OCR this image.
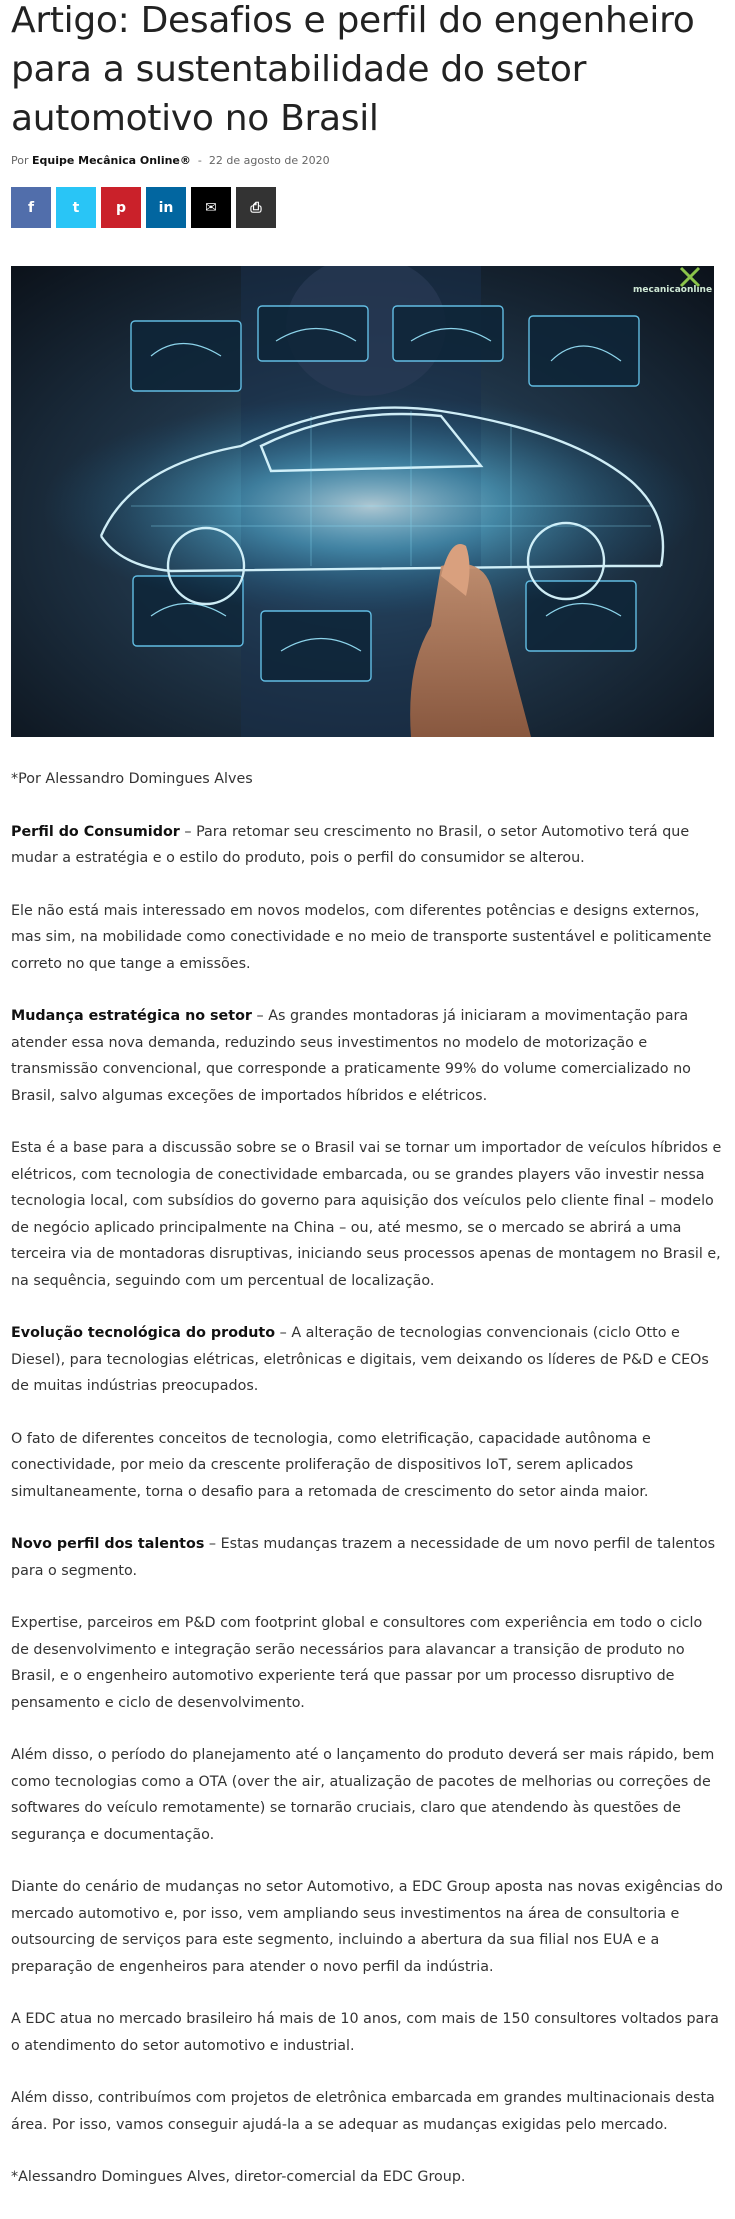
Artigo: Desafios e perfil do engenheiro para a sustentabilidade do setor automotivo no Brasil
Por Equipe Mecânica Online® - 22 de agosto de 2020
f	t	p in ✉ ⎙
mecanicaonline

*Por Alessandro Domingues Alves

Perfil do Consumidor – Para retomar seu crescimento no Brasil, o setor Automotivo terá que mudar a estratégia e o estilo do produto, pois o perfil do consumidor se alterou.

Ele não está mais interessado em novos modelos, com diferentes potências e designs externos, mas sim, na mobilidade como conectividade e no meio de transporte sustentável e politicamente correto no que tange a emissões.

Mudança estratégica no setor – As grandes montadoras já iniciaram a movimentação para atender essa nova demanda, reduzindo seus investimentos no modelo de motorização e transmissão convencional, que corresponde a praticamente 99% do volume comercializado no Brasil, salvo algumas exceções de importados híbridos e elétricos.

Esta é a base para a discussão sobre se o Brasil vai se tornar um importador de veículos híbridos e elétricos, com tecnologia de conectividade embarcada, ou se grandes players vão investir nessa tecnologia local, com subsídios do governo para aquisição dos veículos pelo cliente final – modelo de negócio aplicado principalmente na China – ou, até mesmo, se o mercado se abrirá a uma terceira via de montadoras disruptivas, iniciando seus processos apenas de montagem no Brasil e, na sequência, seguindo com um percentual de localização.

Evolução tecnológica do produto – A alteração de tecnologias convencionais (ciclo Otto e Diesel), para tecnologias elétricas, eletrônicas e digitais, vem deixando os líderes de P&D e CEOs de muitas indústrias preocupados.

O fato de diferentes conceitos de tecnologia, como eletrificação, capacidade autônoma e conectividade, por meio da crescente proliferação de dispositivos IoT, serem aplicados simultaneamente, torna o desafio para a retomada de crescimento do setor ainda maior.

Novo perfil dos talentos – Estas mudanças trazem a necessidade de um novo perfil de talentos para o segmento.

Expertise, parceiros em P&D com footprint global e consultores com experiência em todo o ciclo de desenvolvimento e integração serão necessários para alavancar a transição de produto no Brasil, e o engenheiro automotivo experiente terá que passar por um processo disruptivo de pensamento e ciclo de desenvolvimento.

Além disso, o período do planejamento até o lançamento do produto deverá ser mais rápido, bem como tecnologias como a OTA (over the air, atualização de pacotes de melhorias ou correções de softwares do veículo remotamente) se tornarão cruciais, claro que atendendo às questões de segurança e documentação.

Diante do cenário de mudanças no setor Automotivo, a EDC Group aposta nas novas exigências do mercado automotivo e, por isso, vem ampliando seus investimentos na área de consultoria e outsourcing de serviços para este segmento, incluindo a abertura da sua filial nos EUA e a preparação de engenheiros para atender o novo perfil da indústria.

A EDC atua no mercado brasileiro há mais de 10 anos, com mais de 150 consultores voltados para o atendimento do setor automotivo e industrial.

Além disso, contribuímos com projetos de eletrônica embarcada em grandes multinacionais desta área. Por isso, vamos conseguir ajudá-la a se adequar as mudanças exigidas pelo mercado.

*Alessandro Domingues Alves, diretor-comercial da EDC Group.
